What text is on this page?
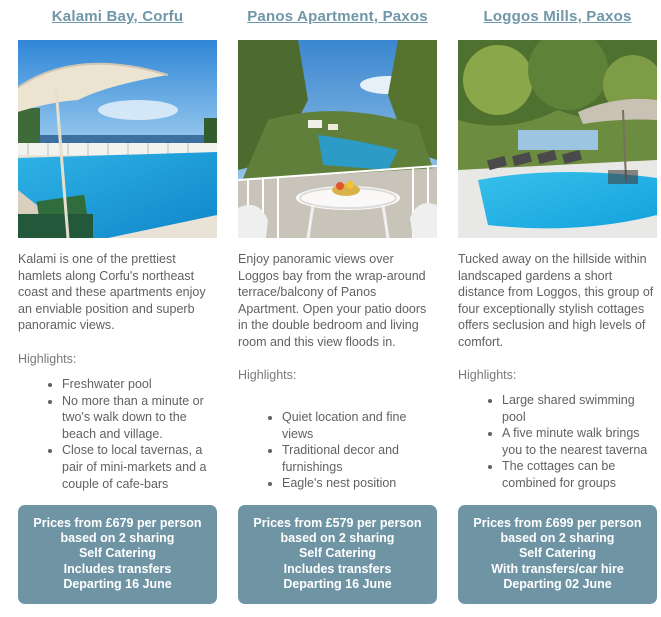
Kalami Bay, Corfu

Kalami is one of the prettiest hamlets along Corfu's northeast coast and these apartments enjoy an enviable position and superb panoramic views.

Highlights:

• Freshwater pool
• No more than a minute or two's walk down to the beach and village.
• Close to local tavernas, a pair of mini-markets and a couple of cafe-bars
Prices from £679 per person
based on 2 sharing
Self Catering
Includes transfers
Departing 16 June
Panos Apartment, Paxos

Enjoy panoramic views over Loggos bay from the wrap-around terrace/balcony of Panos Apartment. Open your patio doors in the double bedroom and living room and this view floods in.

Highlights:

• Quiet location and fine views
• Traditional decor and furnishings
• Eagle's nest position
Prices from £579 per person
based on 2 sharing
Self Catering
Includes transfers
Departing 16 June
Loggos Mills, Paxos

Tucked away on the hillside within landscaped gardens a short distance from Loggos, this group of four exceptionally stylish cottages offers seclusion and high levels of comfort.

Highlights:

• Large shared swimming pool
• A five minute walk brings you to the nearest taverna
• The cottages can be combined for groups
Prices from £699 per person
based on 2 sharing
Self Catering
With transfers/car hire
Departing 02 June
